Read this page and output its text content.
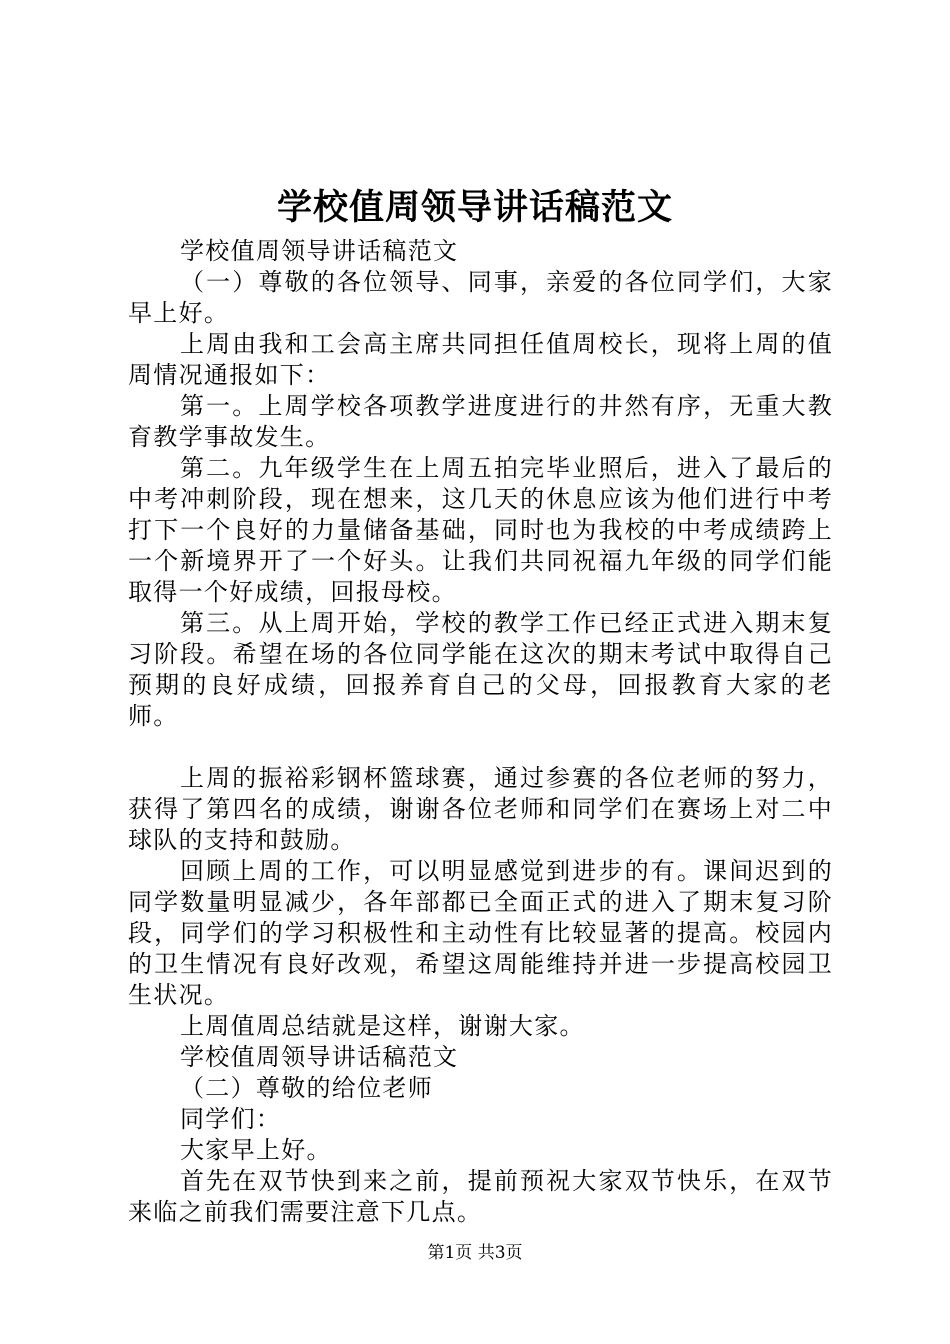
学校值周领导讲话稿范文

学校值周领导讲话稿范文

（一）尊敬的各位领导、同事，亲爱的各位同学们，大家早上好。

上周由我和工会高主席共同担任值周校长，现将上周的值周情况通报如下：

第一。上周学校各项教学进度进行的井然有序，无重大教育教学事故发生。

第二。九年级学生在上周五拍完毕业照后，进入了最后的中考冲刺阶段，现在想来，这几天的休息应该为他们进行中考打下一个良好的力量储备基础，同时也为我校的中考成绩跨上一个新境界开了一个好头。让我们共同祝福九年级的同学们能取得一个好成绩，回报母校。

第三。从上周开始，学校的教学工作已经正式进入期末复习阶段。希望在场的各位同学能在这次的期末考试中取得自己预期的良好成绩，回报养育自己的父母，回报教育大家的老师。

上周的振裕彩钢杯篮球赛，通过参赛的各位老师的努力，获得了第四名的成绩，谢谢各位老师和同学们在赛场上对二中球队的支持和鼓励。

回顾上周的工作，可以明显感觉到进步的有。课间迟到的同学数量明显减少，各年部都已全面正式的进入了期末复习阶段，同学们的学习积极性和主动性有比较显著的提高。校园内的卫生情况有良好改观，希望这周能维持并进一步提高校园卫生状况。

上周值周总结就是这样，谢谢大家。

学校值周领导讲话稿范文

（二）尊敬的给位老师

同学们：

大家早上好。

首先在双节快到来之前，提前预祝大家双节快乐，在双节来临之前我们需要注意下几点。

第1页 共3页
